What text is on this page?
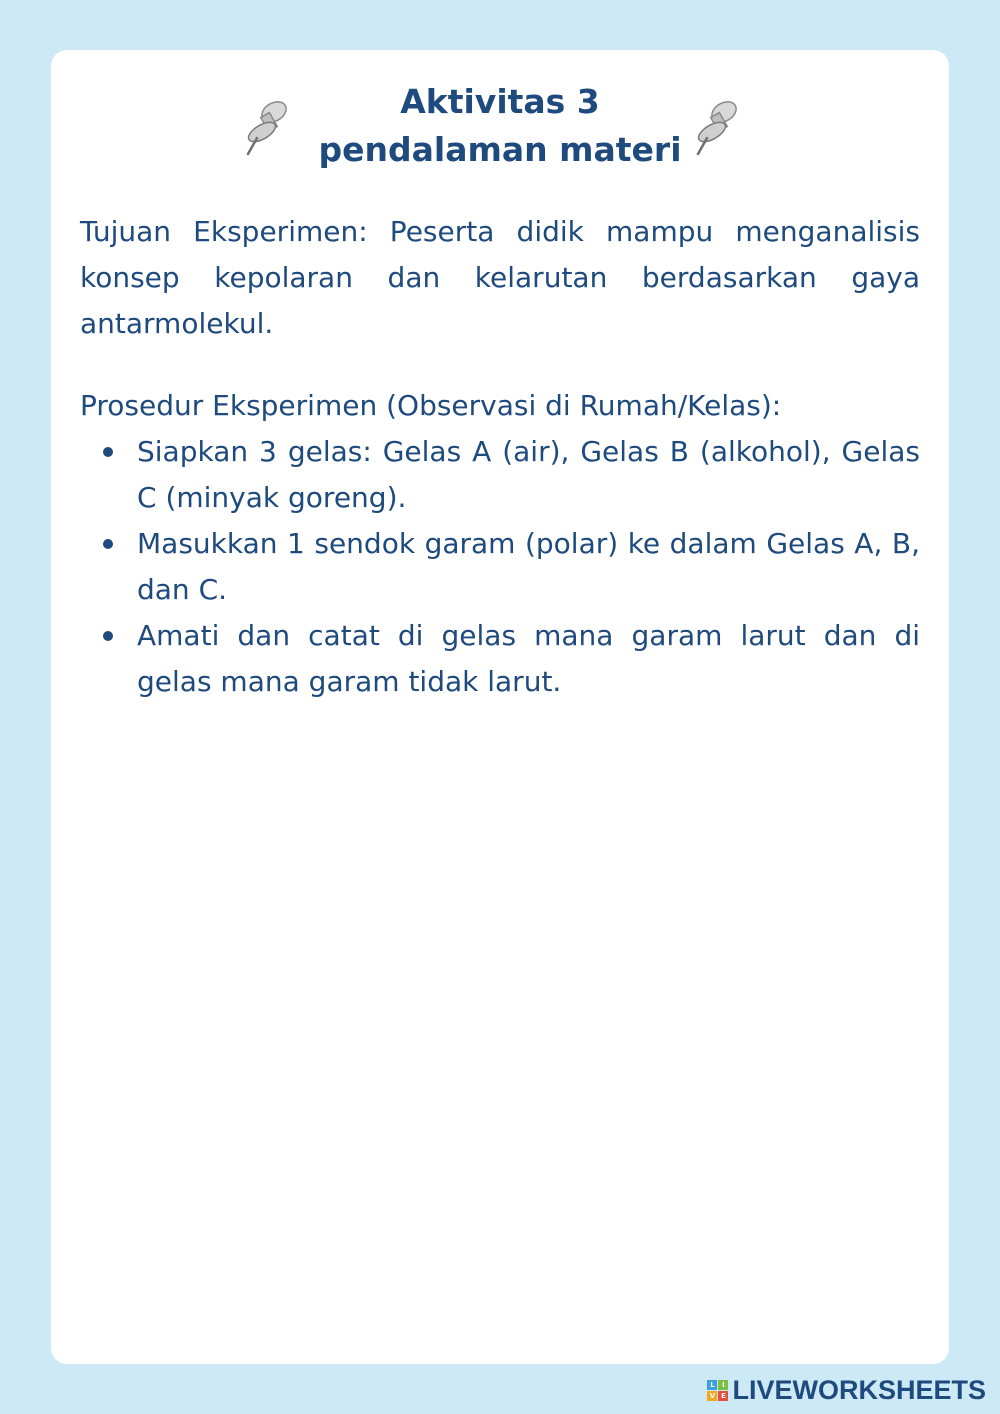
Aktivitas 3
pendalaman materi

Tujuan Eksperimen: Peserta didik mampu menganalisis konsep kepolaran dan kelarutan berdasarkan gaya antarmolekul.

Prosedur Eksperimen (Observasi di Rumah/Kelas):

Siapkan 3 gelas: Gelas A (air), Gelas B (alkohol), Gelas C (minyak goreng).
Masukkan 1 sendok garam (polar) ke dalam Gelas A, B, dan C.
Amati dan catat di gelas mana garam larut dan di gelas mana garam tidak larut.
L	I
V E LIVEWORKSHEETS
